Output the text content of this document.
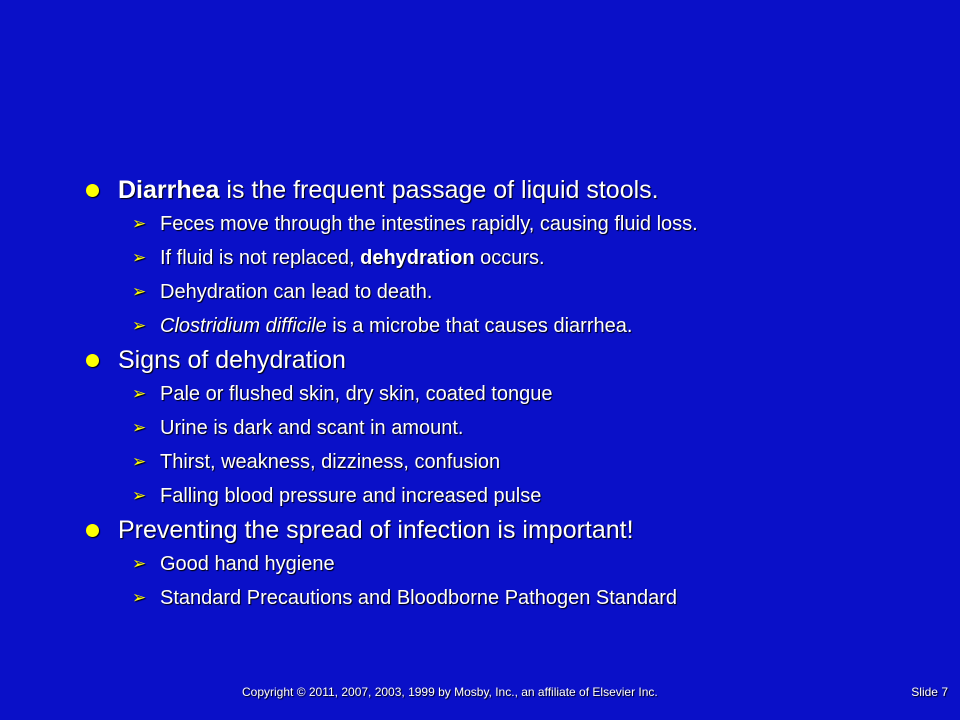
Diarrhea is the frequent passage of liquid stools.
➢ Feces move through the intestines rapidly, causing fluid loss.
➢ If fluid is not replaced, dehydration occurs.
➢ Dehydration can lead to death.
➢ Clostridium difficile is a microbe that causes diarrhea.
Signs of dehydration
➢ Pale or flushed skin, dry skin, coated tongue
➢ Urine is dark and scant in amount.
➢ Thirst, weakness, dizziness, confusion
➢ Falling blood pressure and increased pulse
Preventing the spread of infection is important!
➢ Good hand hygiene
➢ Standard Precautions and Bloodborne Pathogen Standard
Copyright © 2011, 2007, 2003, 1999 by Mosby, Inc., an affiliate of Elsevier Inc.	Slide 7
